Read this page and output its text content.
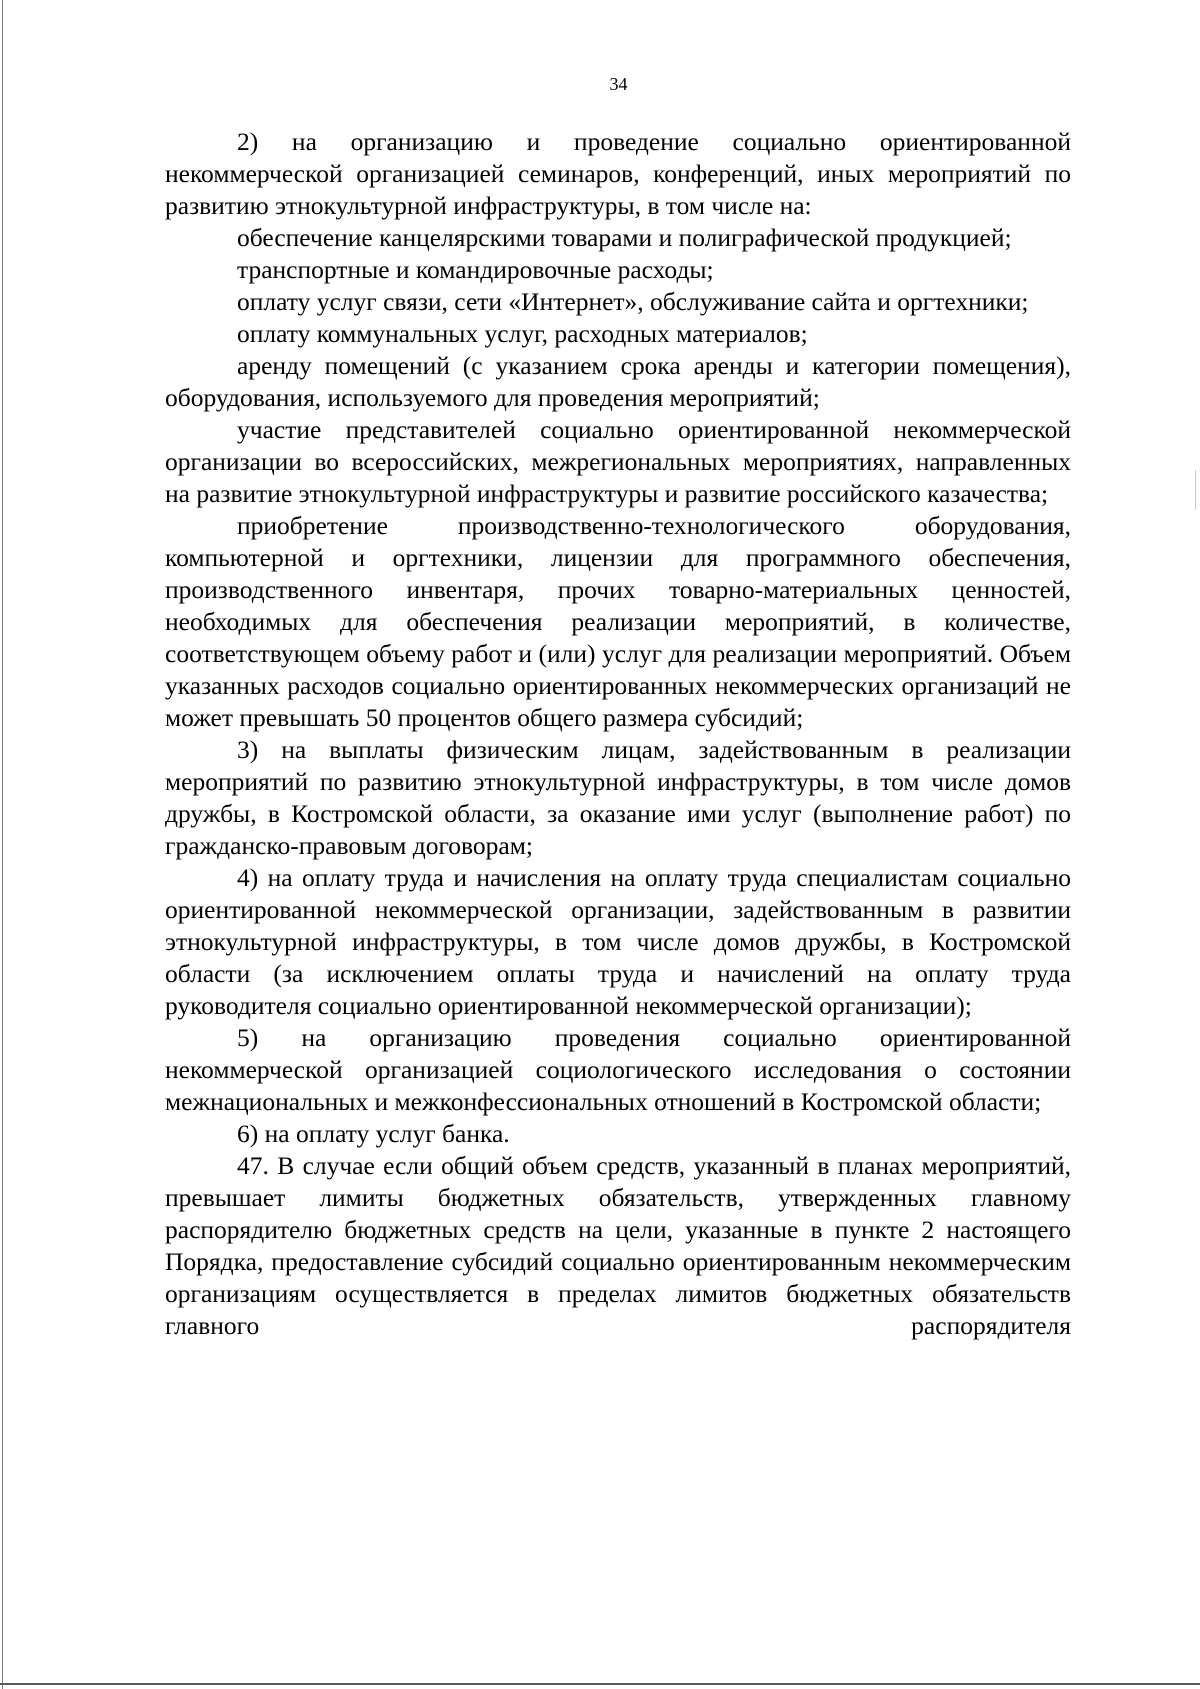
34

2) на организацию и проведение социально ориентированной некоммерческой организацией семинаров, конференций, иных мероприятий по развитию этнокультурной инфраструктуры, в том числе на:

обеспечение канцелярскими товарами и полиграфической продукцией;

транспортные и командировочные расходы;

оплату услуг связи, сети «Интернет», обслуживание сайта и оргтехники;

оплату коммунальных услуг, расходных материалов;

аренду помещений (с указанием срока аренды и категории помещения), оборудования, используемого для проведения мероприятий;

участие представителей социально ориентированной некоммерческой организации во всероссийских, межрегиональных мероприятиях, направленных на развитие этнокультурной инфраструктуры и развитие российского казачества;

приобретение производственно-технологического оборудования, компьютерной и оргтехники, лицензии для программного обеспечения, производственного инвентаря, прочих товарно-материальных ценностей, необходимых для обеспечения реализации мероприятий, в количестве, соответствующем объему работ и (или) услуг для реализации мероприятий. Объем указанных расходов социально ориентированных некоммерческих организаций не может превышать 50 процентов общего размера субсидий;

3) на выплаты физическим лицам, задействованным в реализации мероприятий по развитию этнокультурной инфраструктуры, в том числе домов дружбы, в Костромской области, за оказание ими услуг (выполнение работ) по гражданско-правовым договорам;

4) на оплату труда и начисления на оплату труда специалистам социально ориентированной некоммерческой организации, задействованным в развитии этнокультурной инфраструктуры, в том числе домов дружбы, в Костромской области (за исключением оплаты труда и начислений на оплату труда руководителя социально ориентированной некоммерческой организации);

5) на организацию проведения социально ориентированной некоммерческой организацией социологического исследования о состоянии межнациональных и межконфессиональных отношений в Костромской области;

6) на оплату услуг банка.

47. В случае если общий объем средств, указанный в планах мероприятий, превышает лимиты бюджетных обязательств, утвержденных главному распорядителю бюджетных средств на цели, указанные в пункте 2 настоящего Порядка, предоставление субсидий социально ориентированным некоммерческим организациям осуществляется в пределах лимитов бюджетных обязательств главного распорядителя
